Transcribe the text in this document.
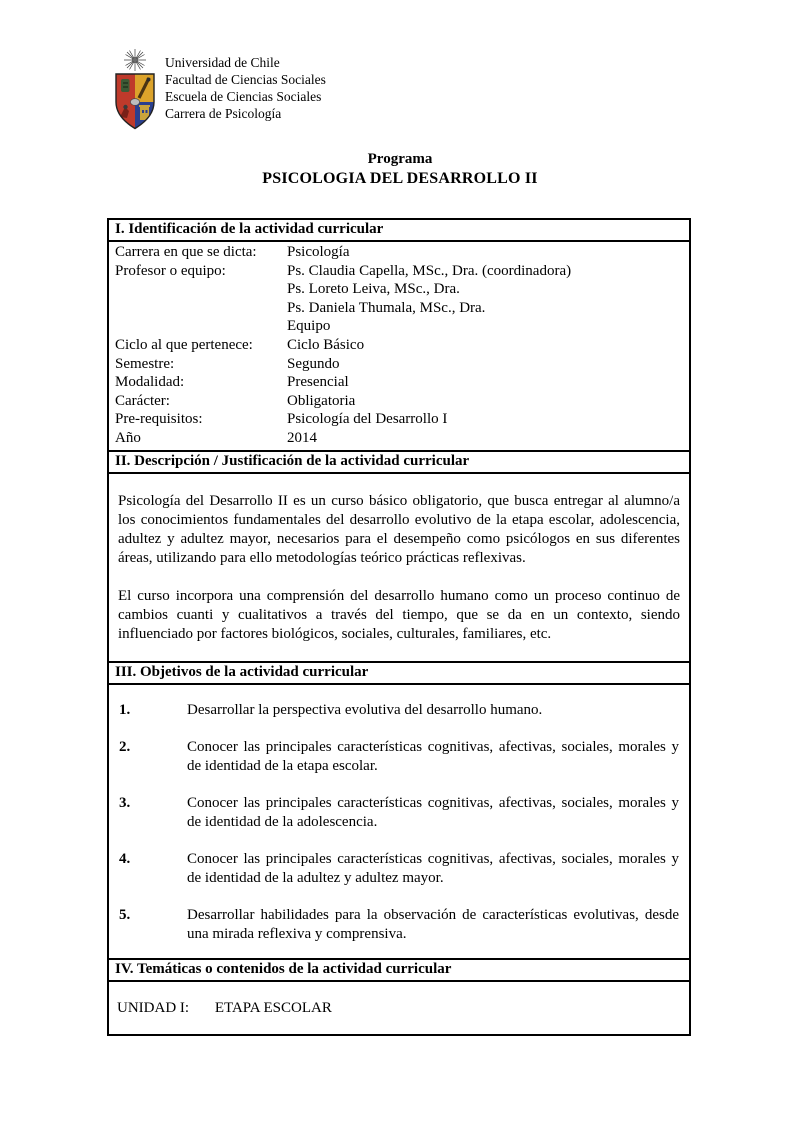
Universidad de Chile
Facultad de Ciencias Sociales
Escuela de Ciencias Sociales
Carrera de Psicología
Programa
PSICOLOGIA DEL DESARROLLO II
I. Identificación de la actividad curricular
Carrera en que se dicta:	Psicología
Profesor o equipo:	Ps. Claudia Capella, MSc., Dra. (coordinadora)
Ps. Loreto Leiva, MSc., Dra.
Ps. Daniela Thumala, MSc., Dra.
Equipo
Ciclo al que pertenece:	Ciclo Básico
Semestre:	Segundo
Modalidad:	Presencial
Carácter:	Obligatoria
Pre-requisitos:	Psicología del Desarrollo I
Año	2014
II. Descripción / Justificación de la actividad curricular

Psicología del Desarrollo II es un curso básico obligatorio, que busca entregar al alumno/a los conocimientos fundamentales del desarrollo evolutivo de la etapa escolar, adolescencia, adultez y adultez mayor, necesarios para el desempeño como psicólogos en sus diferentes áreas, utilizando para ello metodologías teórico prácticas reflexivas.

El curso incorpora una comprensión del desarrollo humano como un proceso continuo de cambios cuanti y cualitativos a través del tiempo, que se da en un contexto, siendo influenciado por factores biológicos, sociales, culturales, familiares, etc.

III. Objetivos de la actividad curricular
1.	Desarrollar la perspectiva evolutiva del desarrollo humano.
2.	Conocer las principales características cognitivas, afectivas, sociales, morales y de identidad de la etapa escolar.
3.	Conocer las principales características cognitivas, afectivas, sociales, morales y de identidad de la adolescencia.
4.	Conocer las principales características cognitivas, afectivas, sociales, morales y de identidad de la adultez y adultez mayor.
5.	Desarrollar habilidades para la observación de características evolutivas, desde una mirada reflexiva y comprensiva.
IV. Temáticas o contenidos de la actividad curricular
UNIDAD I: ETAPA ESCOLAR
